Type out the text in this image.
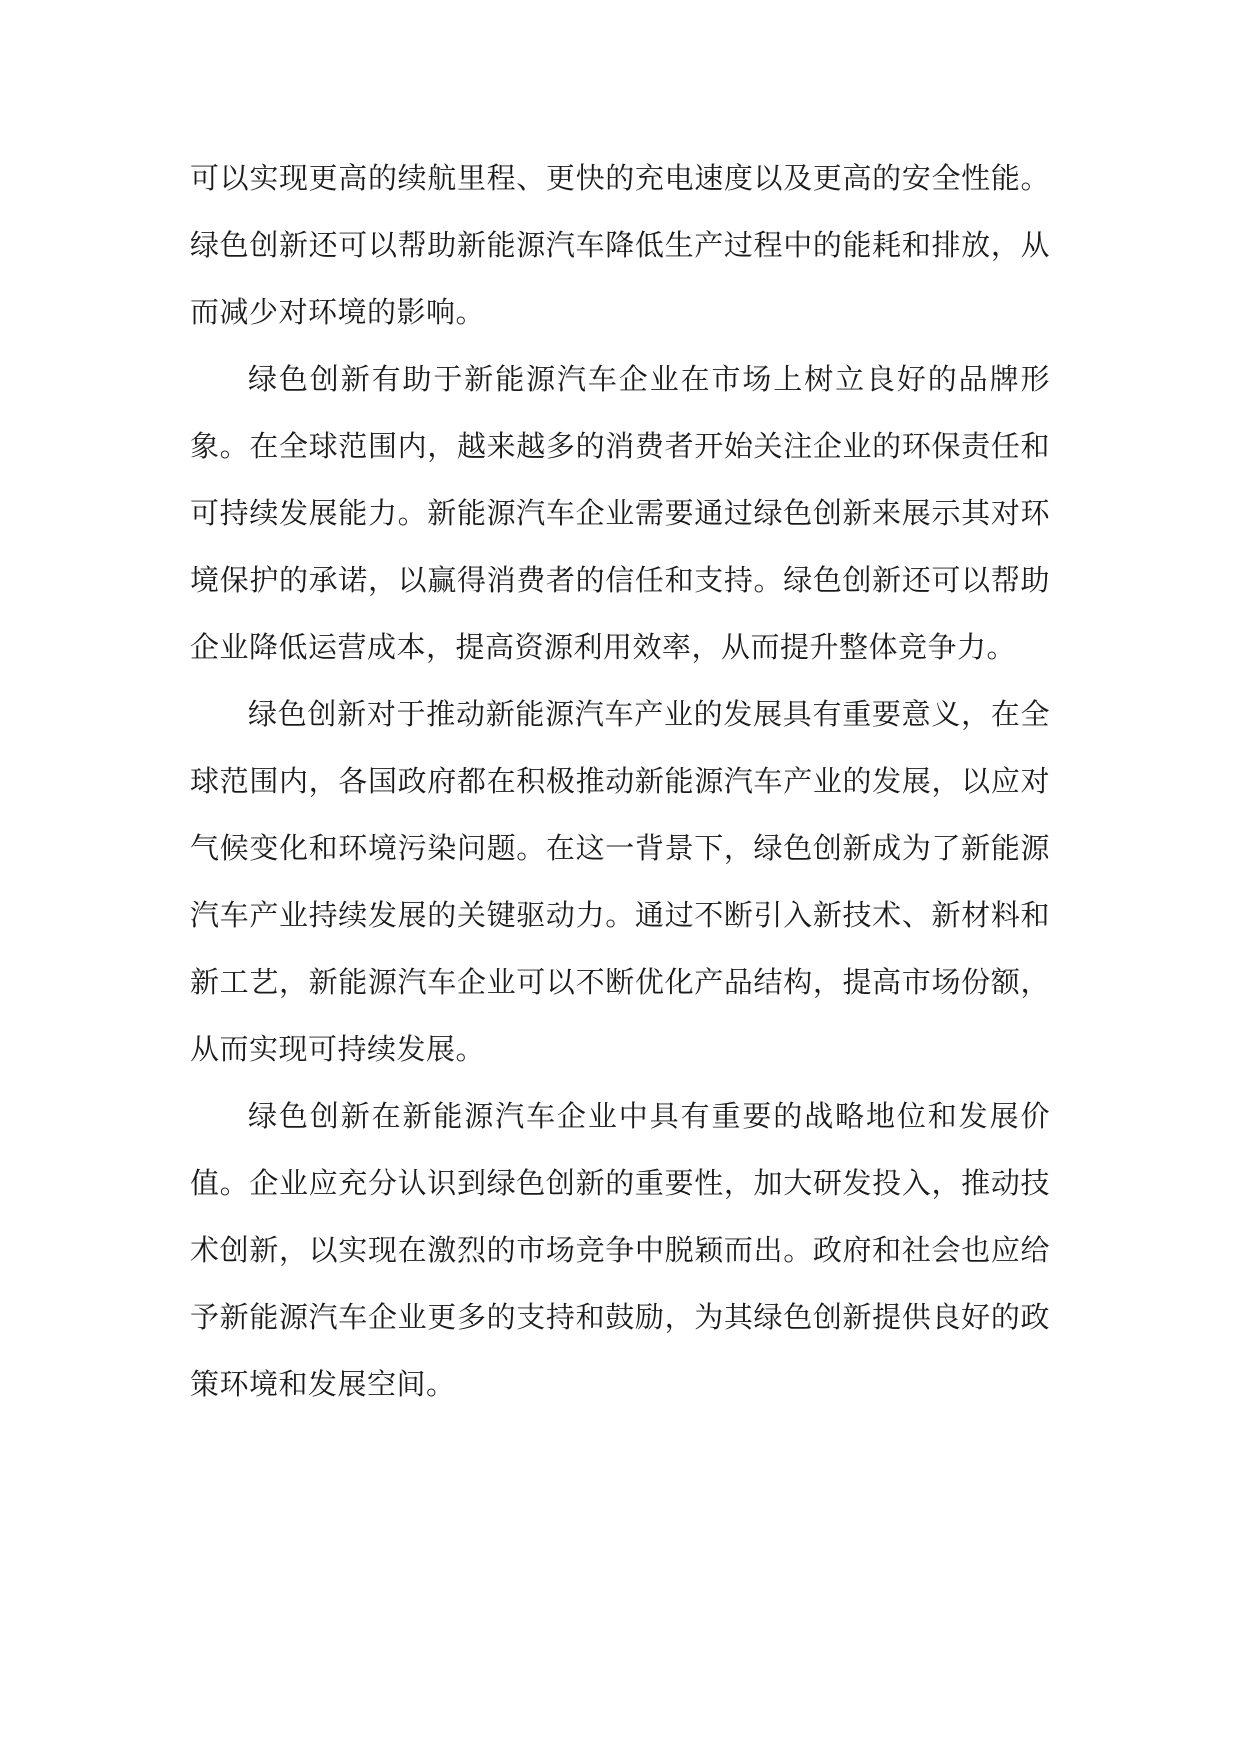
可以实现更高的续航里程、更快的充电速度以及更高的安全性能。绿色创新还可以帮助新能源汽车降低生产过程中的能耗和排放，从而减少对环境的影响。

绿色创新有助于新能源汽车企业在市场上树立良好的品牌形象。在全球范围内，越来越多的消费者开始关注企业的环保责任和可持续发展能力。新能源汽车企业需要通过绿色创新来展示其对环境保护的承诺，以赢得消费者的信任和支持。绿色创新还可以帮助企业降低运营成本，提高资源利用效率，从而提升整体竞争力。

绿色创新对于推动新能源汽车产业的发展具有重要意义，在全球范围内，各国政府都在积极推动新能源汽车产业的发展，以应对气候变化和环境污染问题。在这一背景下，绿色创新成为了新能源汽车产业持续发展的关键驱动力。通过不断引入新技术、新材料和新工艺，新能源汽车企业可以不断优化产品结构，提高市场份额，从而实现可持续发展。

绿色创新在新能源汽车企业中具有重要的战略地位和发展价值。企业应充分认识到绿色创新的重要性，加大研发投入，推动技术创新，以实现在激烈的市场竞争中脱颖而出。政府和社会也应给予新能源汽车企业更多的支持和鼓励，为其绿色创新提供良好的政策环境和发展空间。
